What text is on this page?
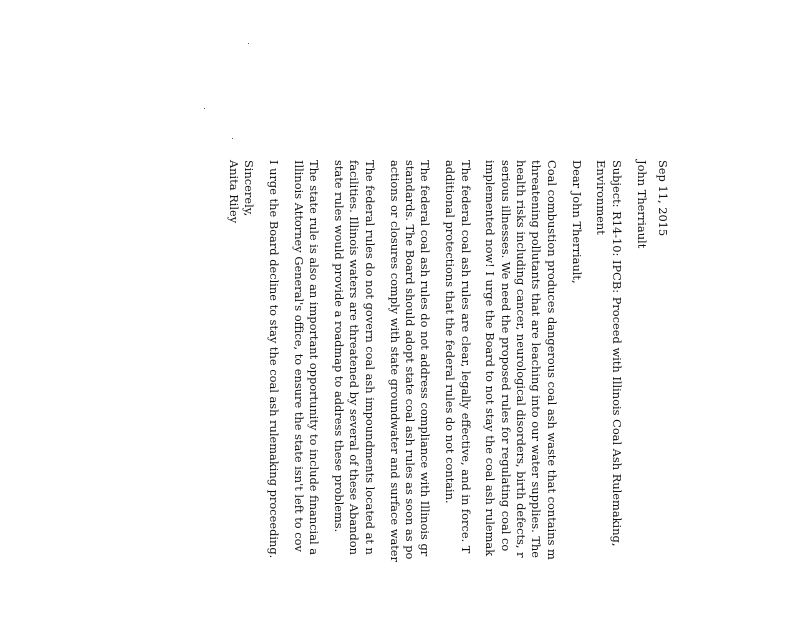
Sep 11, 2015
John Therriault
Subject: R14-10: IPCB: Proceed with Illinois Coal Ash Rulemaking,
Environment
Dear John Therriault,
Coal combustion produces dangerous coal ash waste that contains m
threatening pollutants that are leaching into our water supplies. The
health risks including cancer, neurological disorders, birth defects, r
serious illnesses. We need the proposed rules for regulating coal co
implemented now! I urge the Board to not stay the coal ash rulemak
The federal coal ash rules are clear, legally effective, and in force. T
additional protections that the federal rules do not contain.
The federal coal ash rules do not address compliance with Illinois gr
standards. The Board should adopt state coal ash rules as soon as po
actions or closures comply with state groundwater and surface water
The federal rules do not govern coal ash impoundments located at n
facilities. Illinois waters are threatened by several of these Abandon
state rules would provide a roadmap to address these problems.
The state rule is also an important opportunity to include financial a
Illinois Attorney General's office, to ensure the state isn't left to cov
I urge the Board decline to stay the coal ash rulemaking proceeding.
Sincerely,
Anita Riley
